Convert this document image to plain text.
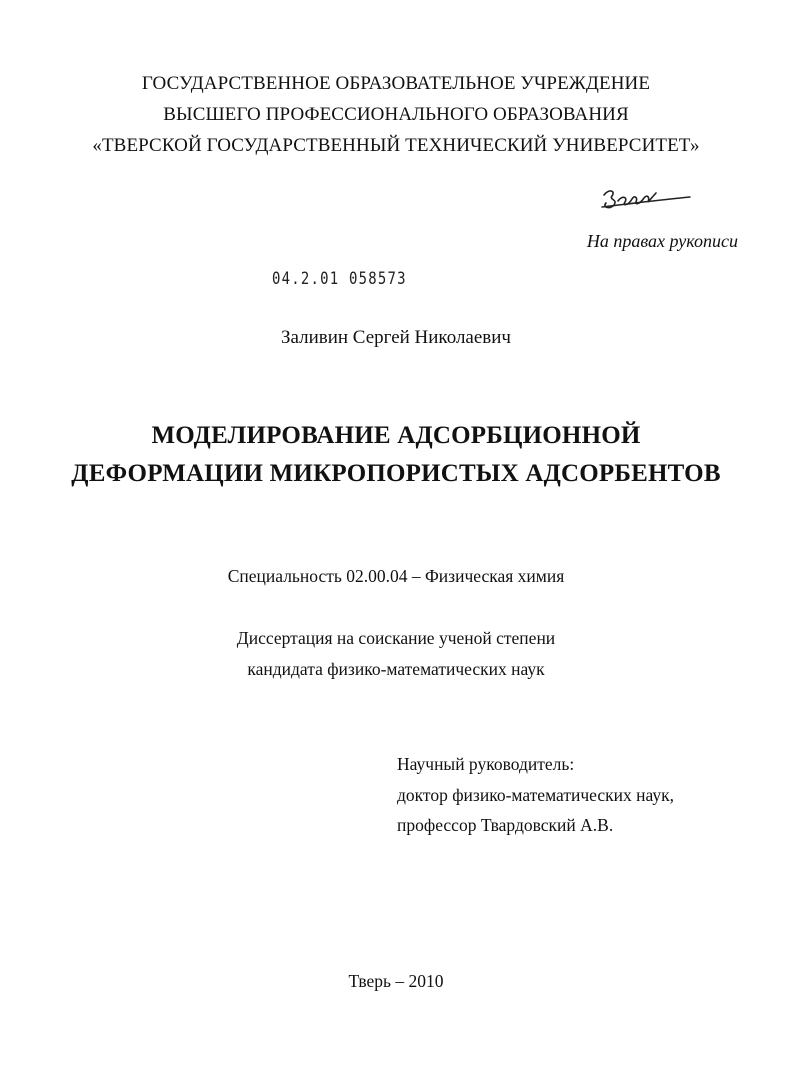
ГОСУДАРСТВЕННОЕ ОБРАЗОВАТЕЛЬНОЕ УЧРЕЖДЕНИЕ
ВЫСШЕГО ПРОФЕССИОНАЛЬНОГО ОБРАЗОВАНИЯ
«ТВЕРСКОЙ ГОСУДАРСТВЕННЫЙ ТЕХНИЧЕСКИЙ УНИВЕРСИТЕТ»
На правах рукописи
04.2.01 058573
Заливин Сергей Николаевич
МОДЕЛИРОВАНИЕ АДСОРБЦИОННОЙ
ДЕФОРМАЦИИ МИКРОПОРИСТЫХ АДСОРБЕНТОВ
Специальность 02.00.04 – Физическая химия
Диссертация на соискание ученой степени
кандидата физико-математических наук
Научный руководитель:
доктор физико-математических наук,
профессор Твардовский А.В.
Тверь – 2010
